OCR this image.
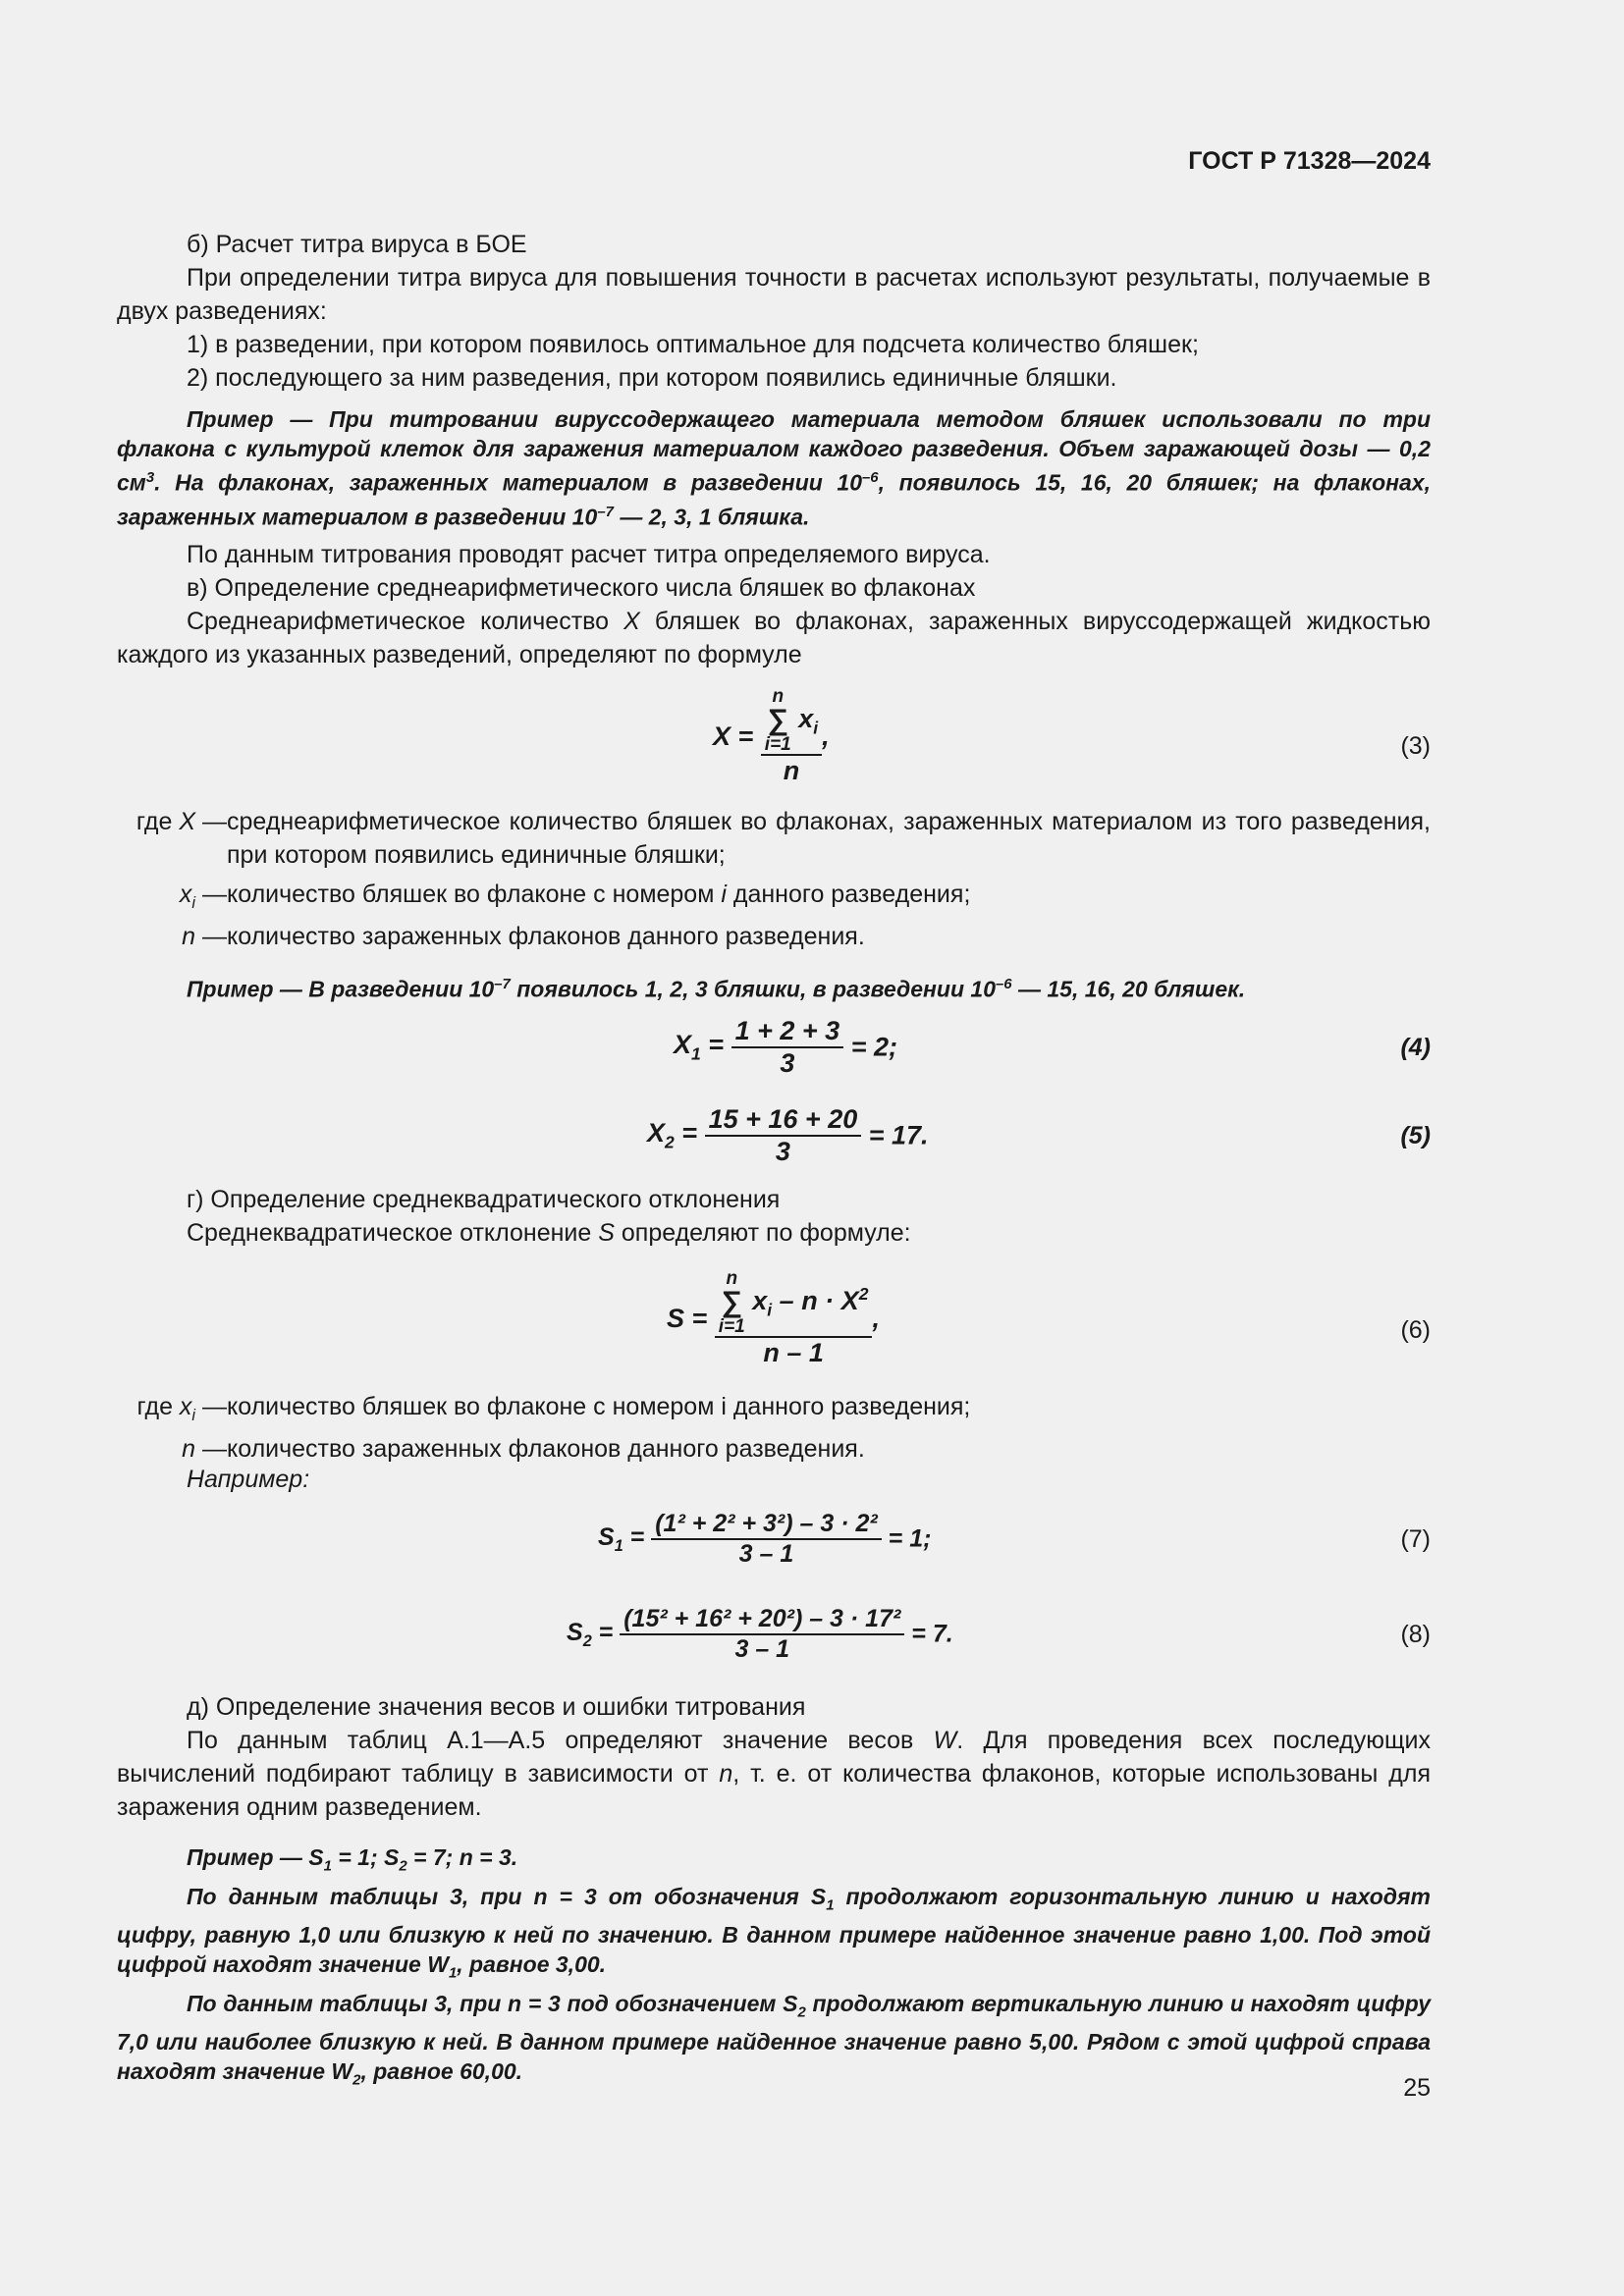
ГОСТ Р 71328—2024

б) Расчет титра вируса в БОЕ

При определении титра вируса для повышения точности в расчетах используют результаты, получаемые в двух разведениях:

1) в разведении, при котором появилось оптимальное для подсчета количество бляшек;

2) последующего за ним разведения, при котором появились единичные бляшки.

Пример — При титровании вируссодержащего материала методом бляшек использовали по три флакона с культурой клеток для заражения материалом каждого разведения. Объем заражающей дозы — 0,2 $см^3$. На флаконах, зараженных материалом в разведении $10^{-6}$, появилось 15, 16, 20 бляшек; на флаконах, зараженных материалом в разведении $10^{-7}$ — 2, 3, 1 бляшка.

По данным титрования проводят расчет титра определяемого вируса.

в) Определение среднеарифметического числа бляшек во флаконах

Среднеарифметическое количество X бляшек во флаконах, зараженных вируссодержащей жидкостью каждого из указанных разведений, определяют по формуле

X = n
∑
i=1
$x_i$
n ,	(3)
где X — среднеарифметическое количество бляшек во флаконах, зараженных материалом из того разведения, при котором появились единичные бляшки;
$x_i$ — количество бляшек во флаконе с номером i данного разведения;
n — количество зараженных флаконов данного разведения.

Пример — В разведении $10^{-7}$ появилось 1, 2, 3 бляшки, в разведении $10^{-6}$ — 15, 16, 20 бляшек.

$X_1 = \frac{1 + 2 + 3}{3} = 2$;	(4)
$X_2 = \frac{15 + 16 + 20}{3} = 17$.	(5)

г) Определение среднеквадратического отклонения

Среднеквадратическое отклонение S определяют по формуле:

S = n
∑
i=1
$x_i - n \cdot X^2$
n – 1 ,	(6)
где $x_i$ — количество бляшек во флаконе с номером i данного разведения;
n — количество зараженных флаконов данного разведения.

Например:

$S_1 = \frac{\text{(1² + 2² + 3²) – 3 · 2²}}{3 - 1} = 1$;	(7)
$S_2 = \frac{\text{(15² + 16² + 20²) – 3 · 17²}}{3 - 1} = 7$.	(8)

д) Определение значения весов и ошибки титрования

По данным таблиц А.1—А.5 определяют значение весов W. Для проведения всех последующих вычислений подбирают таблицу в зависимости от n, т. е. от количества флаконов, которые использованы для заражения одним разведением.

Пример — $S_1 = 1$; $S_2 = 7$; n = 3.

По данным таблицы 3, при n = 3 от обозначения $S_1$ продолжают горизонтальную линию и находят цифру, равную 1,0 или близкую к ней по значению. В данном примере найденное значение равно 1,00. Под этой цифрой находят значение $W_1$, равное 3,00.

По данным таблицы 3, при n = 3 под обозначением $S_2$ продолжают вертикальную линию и находят цифру 7,0 или наиболее близкую к ней. В данном примере найденное значение равно 5,00. Рядом с этой цифрой справа находят значение $W_2$, равное 60,00.

25
